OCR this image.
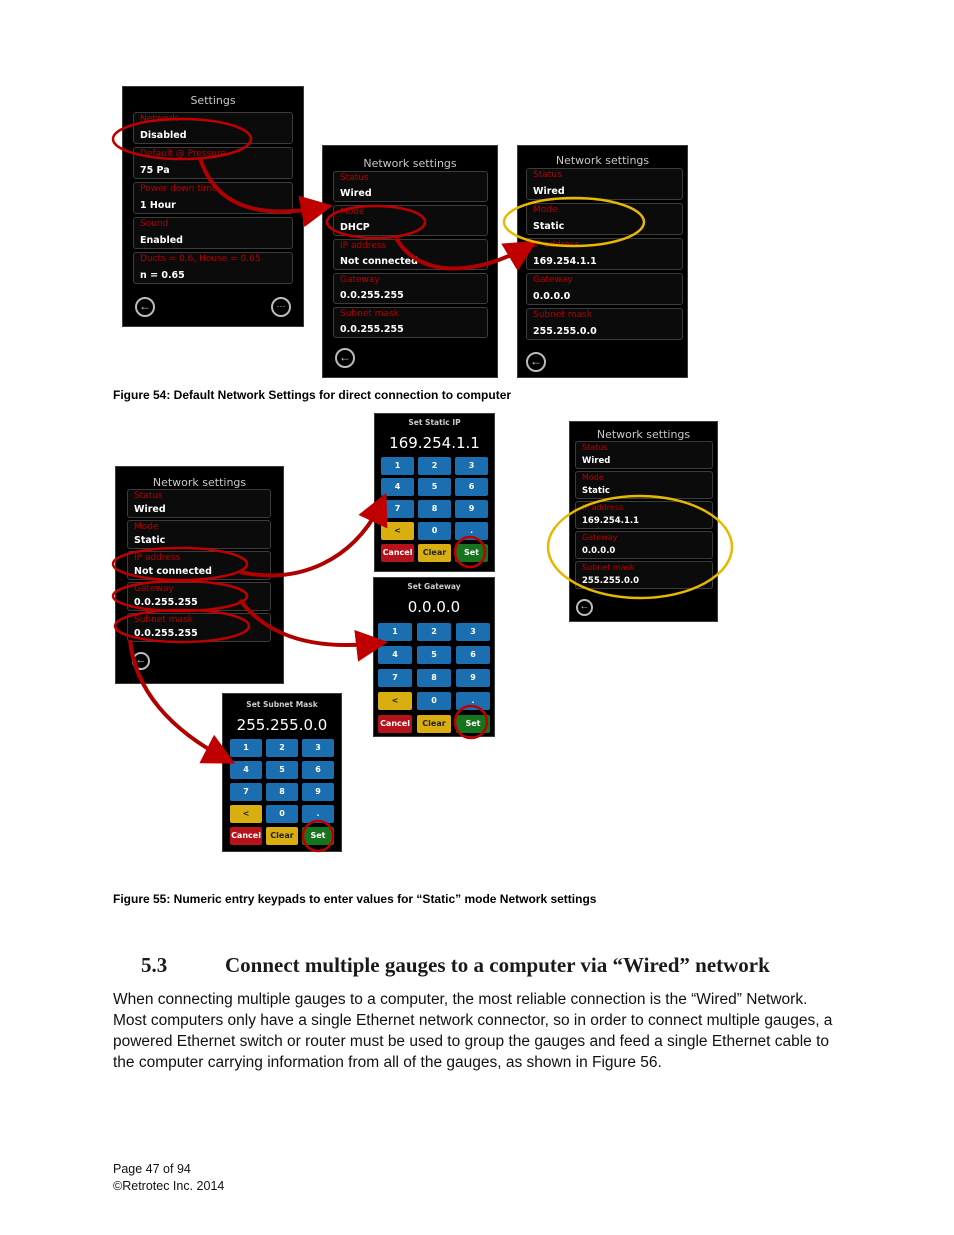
Settings
Network
Disabled
Default @ Pressure
75 Pa
Power down time
1 Hour
Sound
Enabled
Ducts = 0.6, House = 0.65
n = 0.65
←	⋯
Network settings
Status
Wired
Mode
DHCP
IP address
Not connected
Gateway
0.0.255.255
Subnet mask
0.0.255.255
←
Network settings
Status
Wired
Mode
Static
IP address
169.254.1.1
Gateway
0.0.0.0
Subnet mask
255.255.0.0
←
Figure 54: Default Network Settings for direct connection to computer
Network settings
Status
Wired
Mode
Static
IP address
Not connected
Gateway
0.0.255.255
Subnet mask
0.0.255.255
←
Network settings
Status
Wired
Mode
Static
IP address
169.254.1.1
Gateway
0.0.0.0
Subnet mask
255.255.0.0
←
Set Static IP
169.254.1.1
1	2	3
4	5	6
7	8	9
<	0	.
Cancel	Clear	Set
Set Gateway
0.0.0.0
1	2	3
4	5	6
7	8	9
<	0	.
Cancel	Clear	Set
Set Subnet Mask
255.255.0.0
1	2	3
4	5	6
7	8	9
<	0	.
Cancel	Clear	Set
Figure 55: Numeric entry keypads to enter values for “Static” mode Network settings
5.3	Connect multiple gauges to a computer via “Wired” network

When connecting multiple gauges to a computer, the most reliable connection is the “Wired” Network.

Most computers only have a single Ethernet network connector, so in order to connect multiple gauges, a

powered Ethernet switch or router must be used to group the gauges and feed a single Ethernet cable to

the computer carrying information from all of the gauges, as shown in Figure 56.

Page 47 of 94
©Retrotec Inc. 2014
